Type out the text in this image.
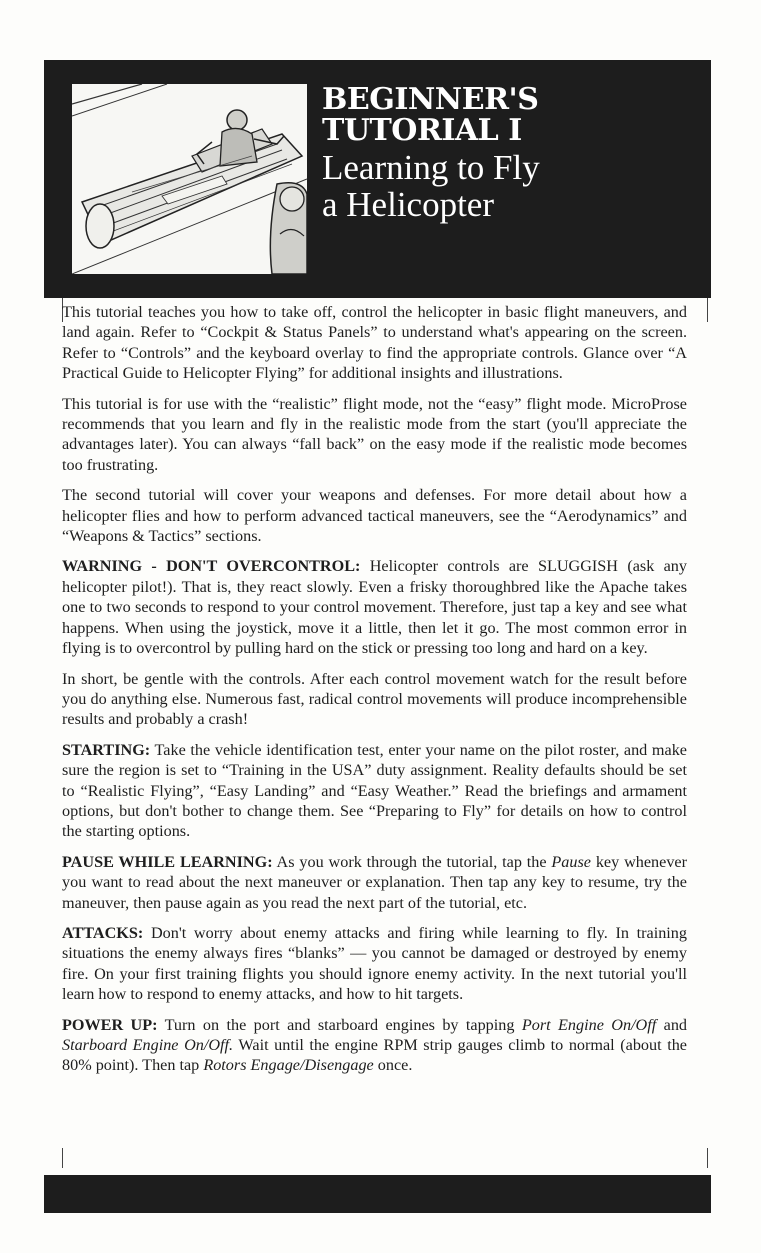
BEGINNER'S
TUTORIAL I
Learning to Fly
a Helicopter

This tutorial teaches you how to take off, control the helicopter in basic flight maneuvers, and land again. Refer to “Cockpit & Status Panels” to understand what's appearing on the screen. Refer to “Controls” and the keyboard overlay to find the appropriate controls. Glance over “A Practical Guide to Helicopter Flying” for additional insights and illustrations.

This tutorial is for use with the “realistic” flight mode, not the “easy” flight mode. MicroProse recommends that you learn and fly in the realistic mode from the start (you'll appreciate the advantages later). You can always “fall back” on the easy mode if the realistic mode becomes too frustrating.

The second tutorial will cover your weapons and defenses. For more detail about how a helicopter flies and how to perform advanced tactical maneuvers, see the “Aerodynamics” and “Weapons & Tactics” sections.

WARNING - DON'T OVERCONTROL: Helicopter controls are SLUGGISH (ask any helicopter pilot!). That is, they react slowly. Even a frisky thoroughbred like the Apache takes one to two seconds to respond to your control movement. Therefore, just tap a key and see what happens. When using the joystick, move it a little, then let it go. The most common error in flying is to overcontrol by pulling hard on the stick or pressing too long and hard on a key.

In short, be gentle with the controls. After each control movement watch for the result before you do anything else. Numerous fast, radical control movements will produce incomprehensible results and probably a crash!

STARTING: Take the vehicle identification test, enter your name on the pilot roster, and make sure the region is set to “Training in the USA” duty assignment. Reality defaults should be set to “Realistic Flying”, “Easy Landing” and “Easy Weather.” Read the briefings and armament options, but don't bother to change them. See “Preparing to Fly” for details on how to control the starting options.

PAUSE WHILE LEARNING: As you work through the tutorial, tap the Pause key whenever you want to read about the next maneuver or explanation. Then tap any key to resume, try the maneuver, then pause again as you read the next part of the tutorial, etc.

ATTACKS: Don't worry about enemy attacks and firing while learning to fly. In training situations the enemy always fires “blanks” — you cannot be damaged or destroyed by enemy fire. On your first training flights you should ignore enemy activity. In the next tutorial you'll learn how to respond to enemy attacks, and how to hit targets.

POWER UP: Turn on the port and starboard engines by tapping Port Engine On/Off and Starboard Engine On/Off. Wait until the engine RPM strip gauges climb to normal (about the 80% point). Then tap Rotors Engage/Disengage once.
